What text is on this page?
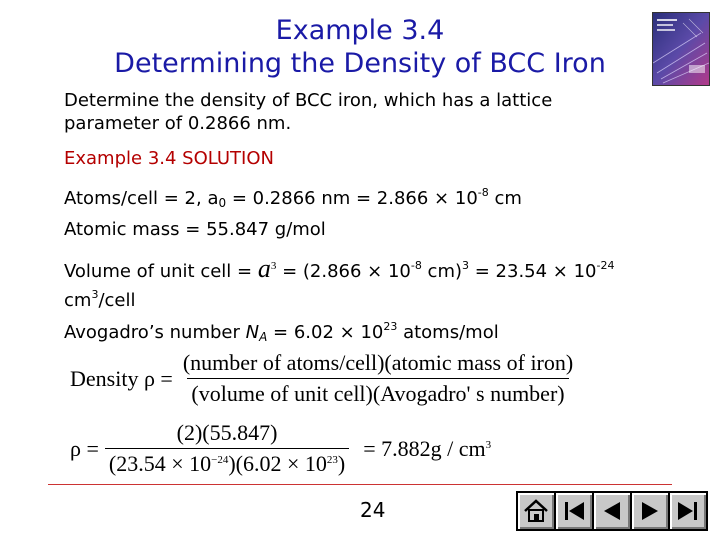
Example 3.4
Determining the Density of BCC Iron
Determine the density of BCC iron, which has a lattice
parameter of 0.2866 nm.
Example 3.4 SOLUTION
Atoms/cell = 2, $a_0 = 0.2866$ nm = $2.866 \times 10^{-8}$ cm
Atomic mass = 55.847 g/mol
Volume of unit cell = $a^3 = (2.866 \times 10^{-8}$ $cm)^3 = 23.54 \times 10^{-24}$
$cm^3$/cell
Avogadro’s number $N_A = 6.02 \times 10^{23}$ atoms/mol
Density $\rho = \frac{\text{(number of atoms/cell)(atomic mass of iron)}}{\text{(volume of unit cell)(Avogadro' s number)}}$
$\rho = \frac{(2)(55.847)}{(23.54 \times 10^{-24})(6.02 \times 10^{23})} = 7.882g / cm^3$
24
